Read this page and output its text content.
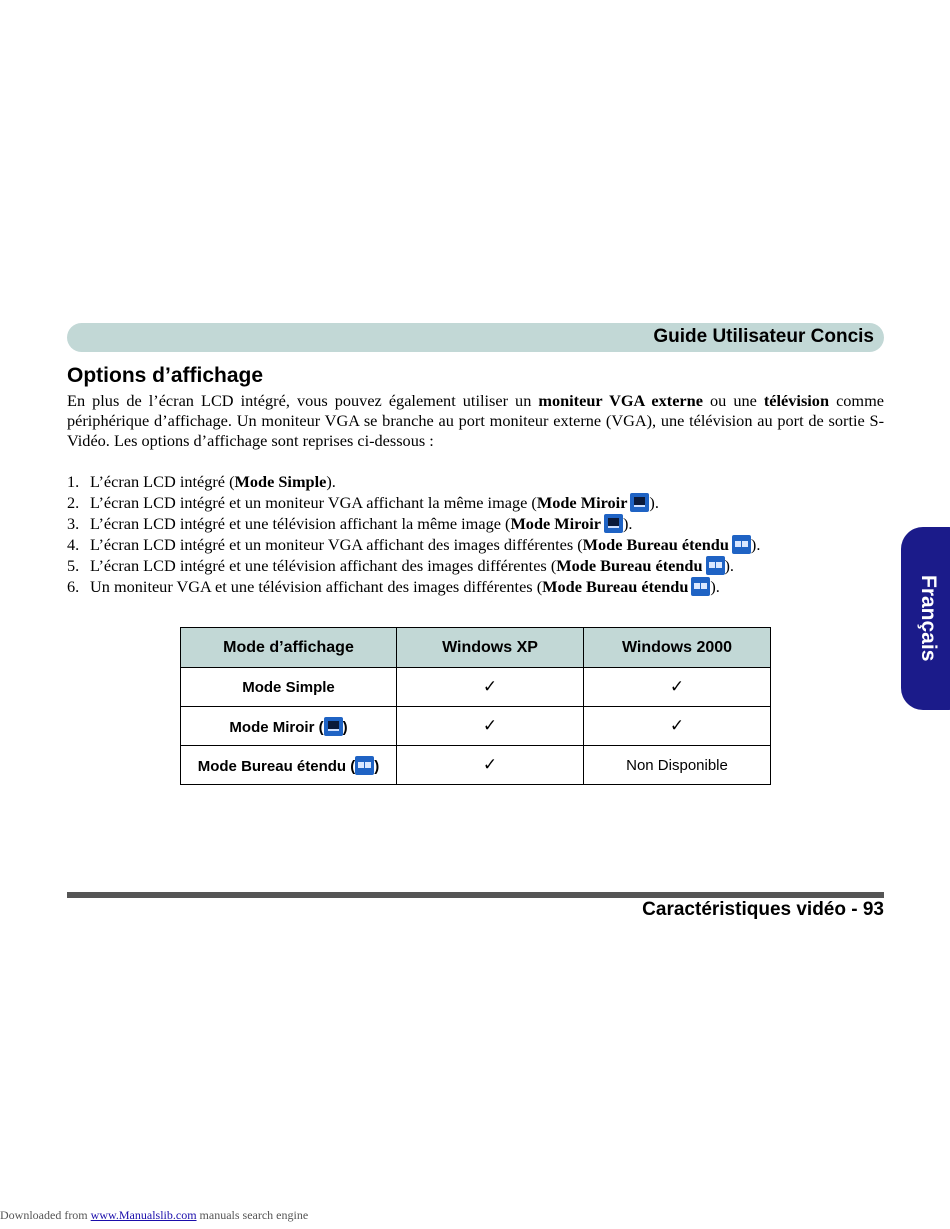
Guide Utilisateur Concis
Options d’affichage

En plus de l’écran LCD intégré, vous pouvez également utiliser un moniteur VGA externe ou une télévision comme périphérique d’affichage. Un moniteur VGA se branche au port moniteur externe (VGA), une télévision au port de sortie S-Vidéo. Les options d’affichage sont reprises ci-dessous :

1. L’écran LCD intégré (Mode Simple).
2. L’écran LCD intégré et un moniteur VGA affichant la même image (Mode Miroir ).
3. L’écran LCD intégré et une télévision affichant la même image (Mode Miroir ).
4. L’écran LCD intégré et un moniteur VGA affichant des images différentes (Mode Bureau étendu ).
5. L’écran LCD intégré et une télévision affichant des images différentes (Mode Bureau étendu ).
6. Un moniteur VGA et une télévision affichant des images différentes (Mode Bureau étendu ).
Mode d’affichage	Windows XP	Windows 2000
Mode Simple	✓	✓
Mode Miroir ( )	✓	✓
Mode Bureau étendu ( )	✓	Non Disponible
Français
Caractéristiques vidéo - 93
Downloaded from www.Manualslib.com manuals search engine
